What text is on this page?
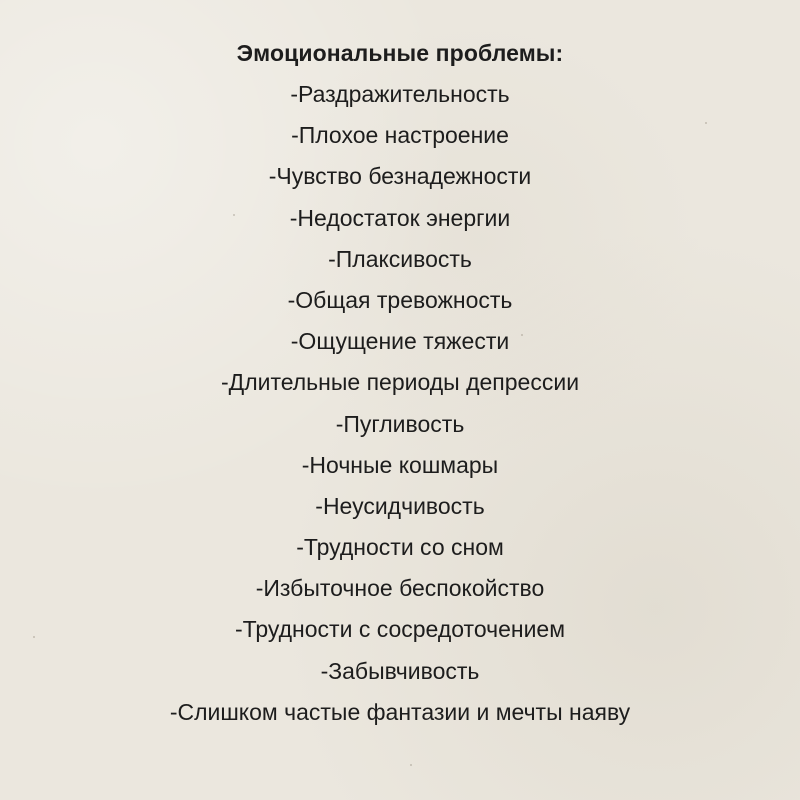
Эмоциональные проблемы:
-Раздражительность
-Плохое настроение
-Чувство безнадежности
-Недостаток энергии
-Плаксивость
-Общая тревожность
-Ощущение тяжести
-Длительные периоды депрессии
-Пугливость
-Ночные кошмары
-Неусидчивость
-Трудности со сном
-Избыточное беспокойство
-Трудности с сосредоточением
-Забывчивость
-Слишком частые фантазии и мечты наяву
